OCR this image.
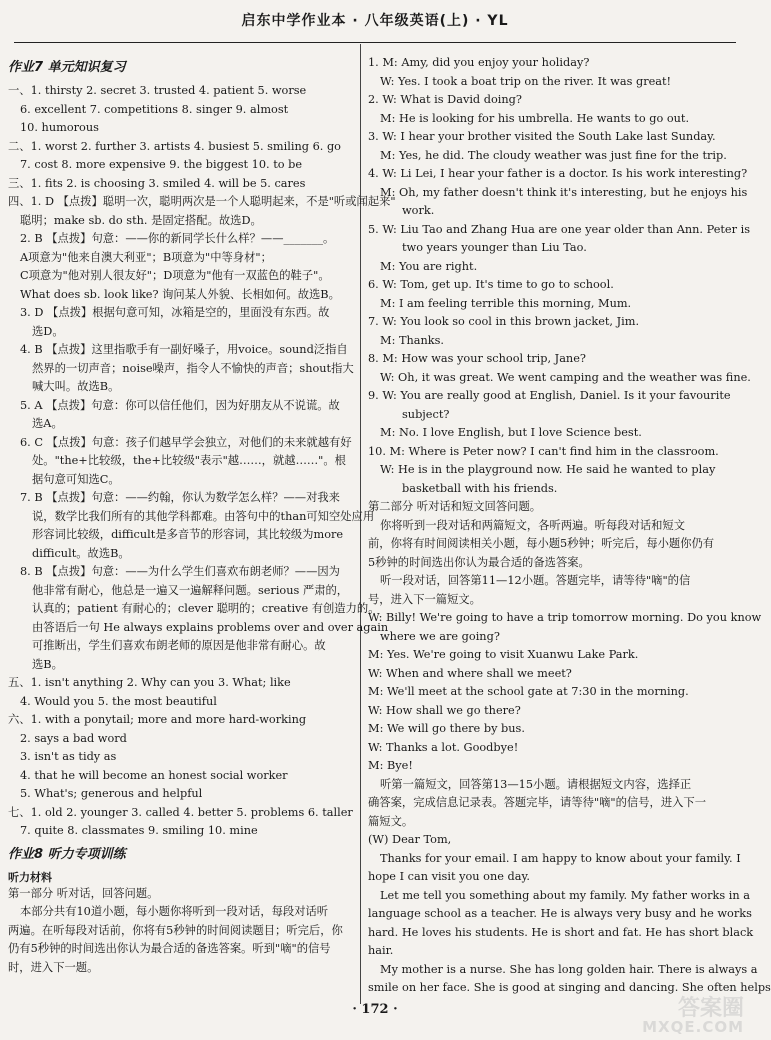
启东中学作业本 · 八年级英语(上) · YL
作业7 单元知识复习
一、1. thirsty 2. secret 3. trusted 4. patient 5. worse
6. excellent 7. competitions 8. singer 9. almost
10. humorous
二、1. worst 2. further 3. artists 4. busiest 5. smiling 6. go
7. cost 8. more expensive 9. the biggest 10. to be
三、1. fits 2. is choosing 3. smiled 4. will be 5. cares
四、1. D 【点拨】聪明一次，聪明两次是一个人聪明起来，不是"听或闻起来"
聪明；make sb. do sth. 是固定搭配。故选D。
2. B 【点拨】句意：——你的新同学长什么样？——_______。
A项意为"他来自澳大利亚"；B项意为"中等身材"；
C项意为"他对别人很友好"；D项意为"他有一双蓝色的鞋子"。
What does sb. look like? 询问某人外貌、长相如何。故选B。
3. D 【点拨】根据句意可知，冰箱是空的，里面没有东西。故
选D。
4. B 【点拨】这里指歌手有一副好嗓子，用voice。sound泛指自
然界的一切声音；noise噪声，指令人不愉快的声音；shout指大
喊大叫。故选B。
5. A 【点拨】句意：你可以信任他们，因为好朋友从不说谎。故
选A。
6. C 【点拨】句意：孩子们越早学会独立，对他们的未来就越有好
处。"the+比较级，the+比较级"表示"越……，就越……"。根
据句意可知选C。
7. B 【点拨】句意：——约翰，你认为数学怎么样？——对我来
说，数学比我们所有的其他学科都难。由答句中的than可知空处应用
形容词比较级，difficult是多音节的形容词，其比较级为more
difficult。故选B。
8. B 【点拨】句意：——为什么学生们喜欢布朗老师？——因为
他非常有耐心，他总是一遍又一遍解释问题。serious 严肃的，
认真的；patient 有耐心的；clever 聪明的；creative 有创造力的。
由答语后一句 He always explains problems over and over again
可推断出，学生们喜欢布朗老师的原因是他非常有耐心。故
选B。
五、1. isn't anything 2. Why can you 3. What; like
4. Would you 5. the most beautiful
六、1. with a ponytail; more and more hard-working
2. says a bad word
3. isn't as tidy as
4. that he will become an honest social worker
5. What's; generous and helpful
七、1. old 2. younger 3. called 4. better 5. problems 6. taller
7. quite 8. classmates 9. smiling 10. mine
作业8 听力专项训练
听力材料
第一部分 听对话，回答问题。
本部分共有10道小题，每小题你将听到一段对话，每段对话听
两遍。在听每段对话前，你将有5秒钟的时间阅读题目；听完后，你
仍有5秒钟的时间选出你认为最合适的备选答案。听到"嘀"的信号
时，进入下一题。
1. M: Amy, did you enjoy your holiday?
W: Yes. I took a boat trip on the river. It was great!
2. W: What is David doing?
M: He is looking for his umbrella. He wants to go out.
3. W: I hear your brother visited the South Lake last Sunday.
M: Yes, he did. The cloudy weather was just fine for the trip.
4. W: Li Lei, I hear your father is a doctor. Is his work interesting?
M: Oh, my father doesn't think it's interesting, but he enjoys his
work.
5. W: Liu Tao and Zhang Hua are one year older than Ann. Peter is
two years younger than Liu Tao.
M: You are right.
6. W: Tom, get up. It's time to go to school.
M: I am feeling terrible this morning, Mum.
7. W: You look so cool in this brown jacket, Jim.
M: Thanks.
8. M: How was your school trip, Jane?
W: Oh, it was great. We went camping and the weather was fine.
9. W: You are really good at English, Daniel. Is it your favourite
subject?
M: No. I love English, but I love Science best.
10. M: Where is Peter now? I can't find him in the classroom.
W: He is in the playground now. He said he wanted to play
basketball with his friends.
第二部分 听对话和短文回答问题。
你将听到一段对话和两篇短文，各听两遍。听每段对话和短文
前，你将有时间阅读相关小题，每小题5秒钟；听完后，每小题你仍有
5秒钟的时间选出你认为最合适的备选答案。
听一段对话，回答第11—12小题。答题完毕，请等待"嘀"的信
号，进入下一篇短文。
W: Billy! We're going to have a trip tomorrow morning. Do you know
where we are going?
M: Yes. We're going to visit Xuanwu Lake Park.
W: When and where shall we meet?
M: We'll meet at the school gate at 7:30 in the morning.
W: How shall we go there?
M: We will go there by bus.
W: Thanks a lot. Goodbye!
M: Bye!
听第一篇短文，回答第13—15小题。请根据短文内容，选择正
确答案，完成信息记录表。答题完毕，请等待"嘀"的信号，进入下一
篇短文。
(W) Dear Tom,
Thanks for your email. I am happy to know about your family. I
hope I can visit you one day.
Let me tell you something about my family. My father works in a
language school as a teacher. He is always very busy and he works
hard. He loves his students. He is short and fat. He has short black
hair.
My mother is a nurse. She has long golden hair. There is always a
smile on her face. She is good at singing and dancing. She often helps
· 172 ·	答案圈
MXQE.COM
